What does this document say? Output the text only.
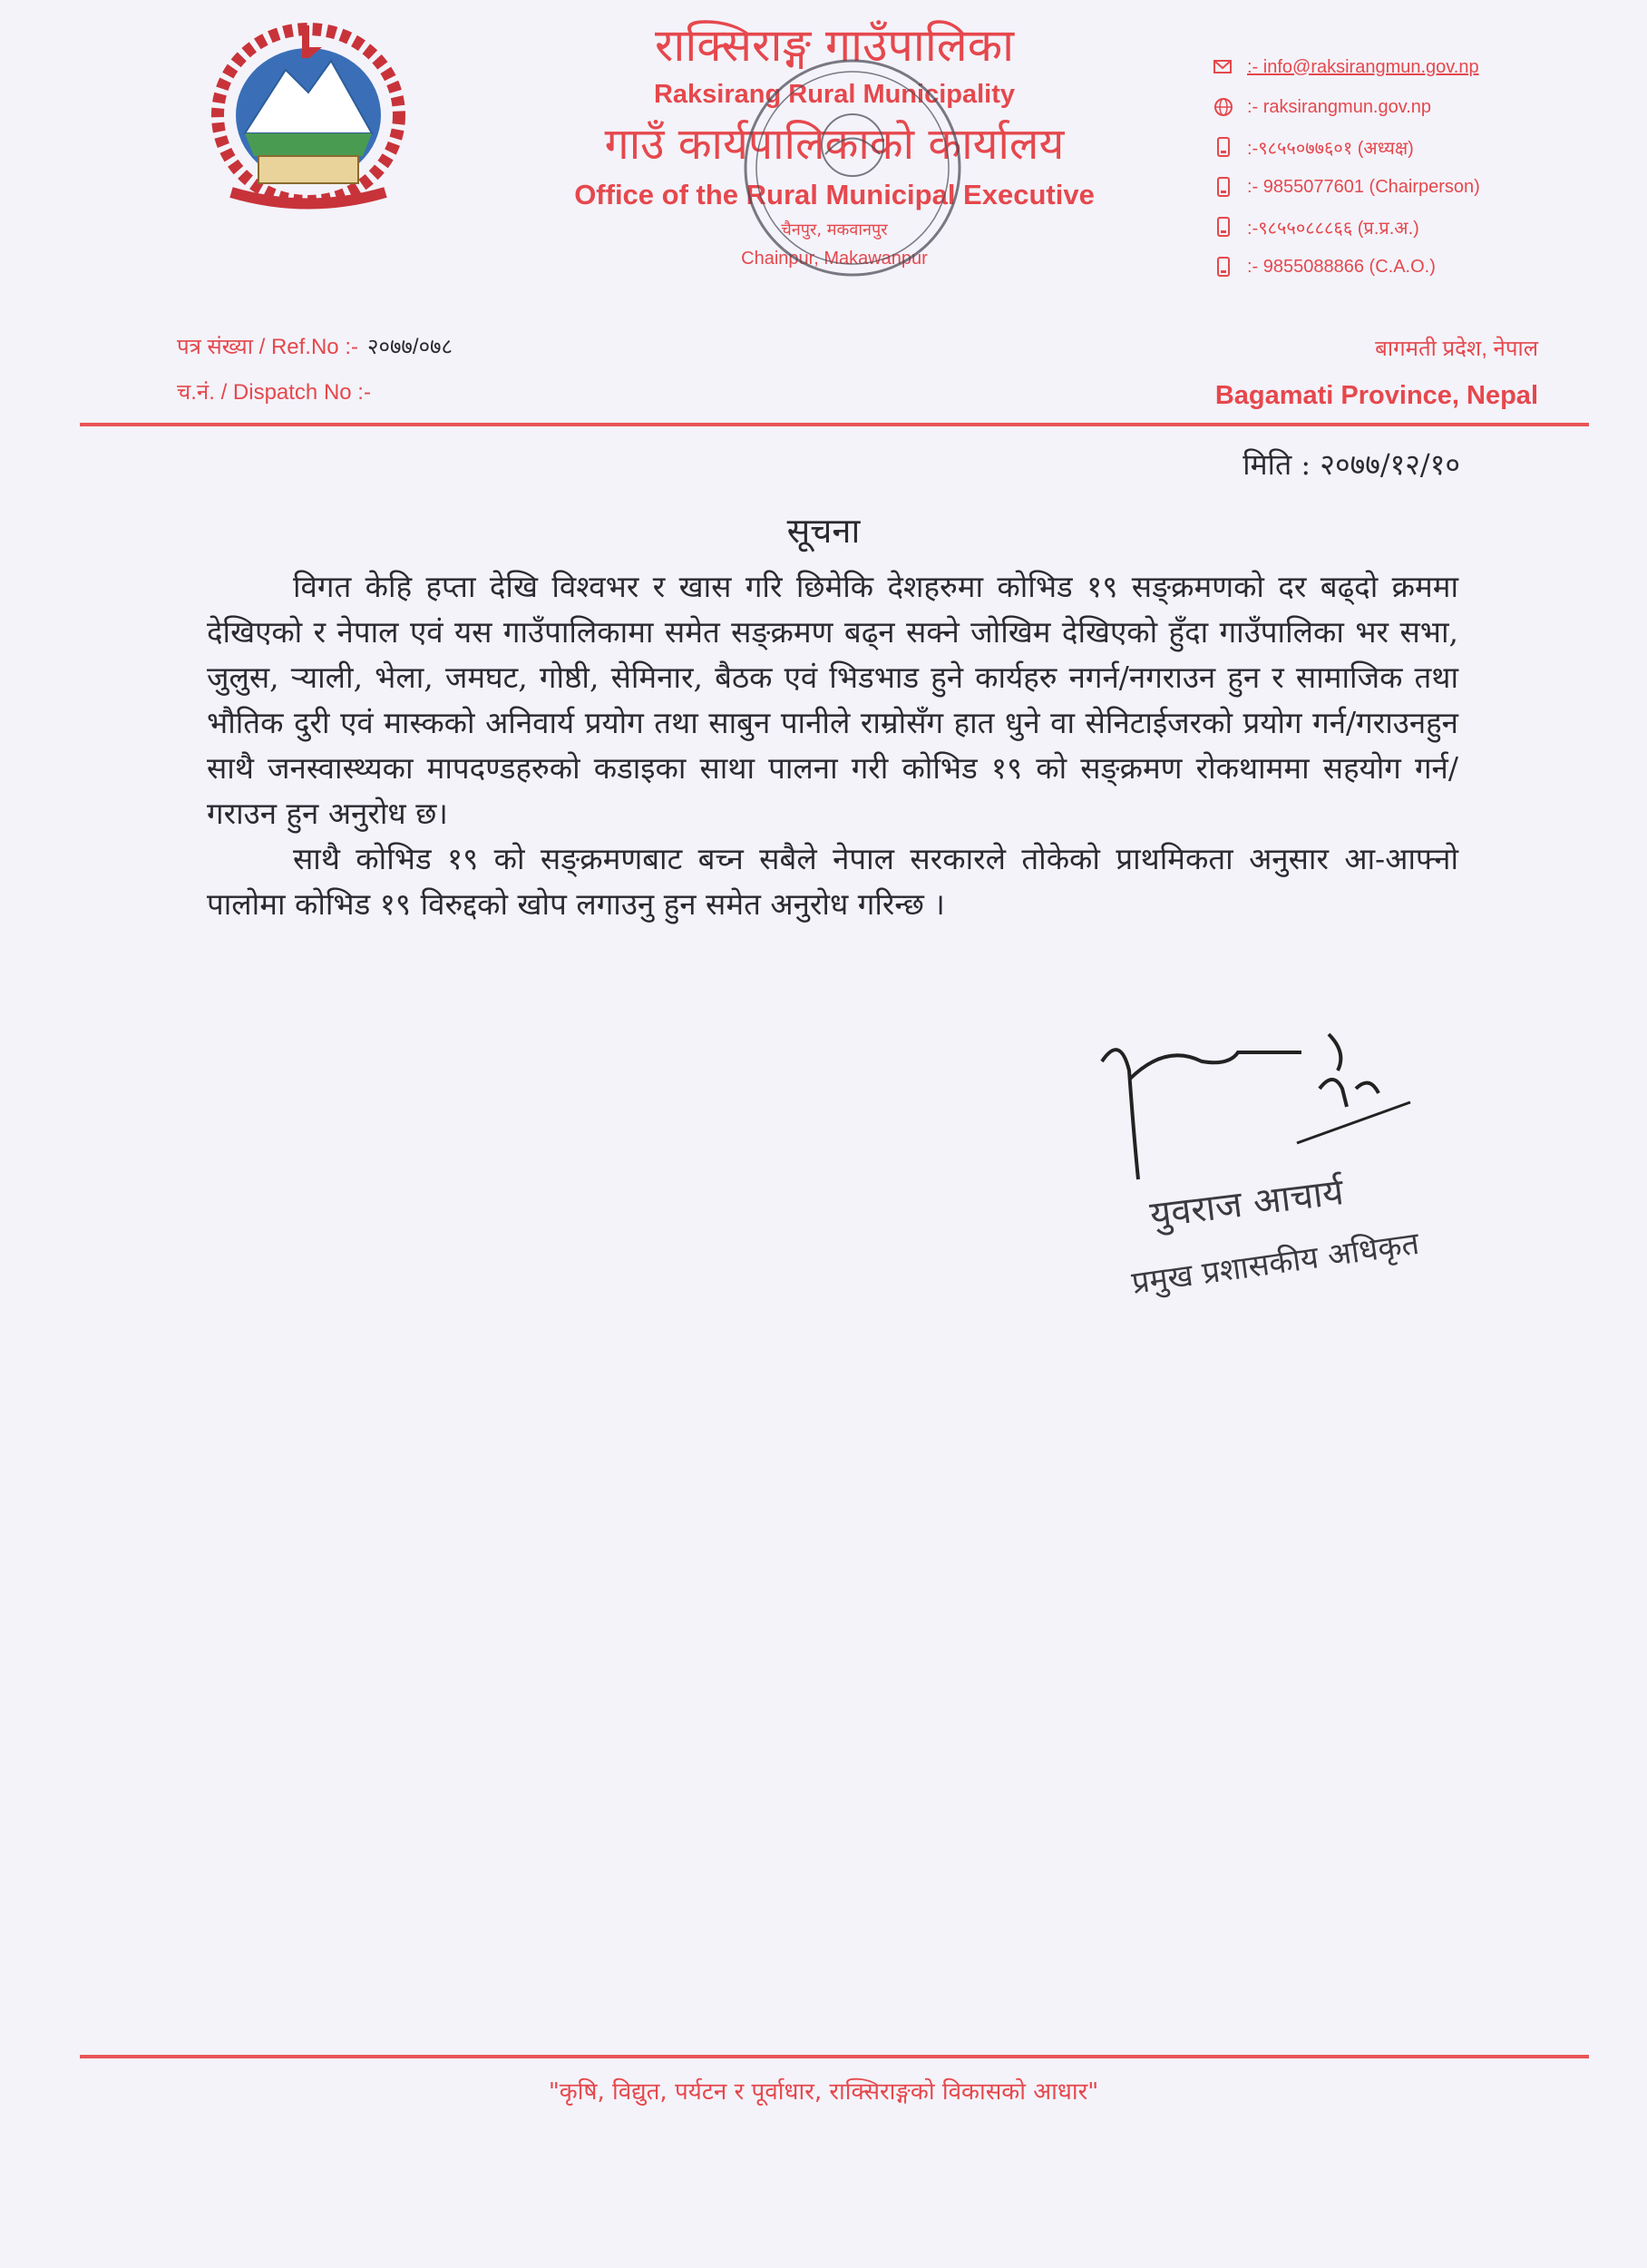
राक्सिराङ्ग गाउँपालिका
Raksirang Rural Municipality
गाउँ कार्यपालिकाको कार्यालय
Office of the Rural Municipal Executive
चैनपुर, मकवानपुर
Chainpur, Makawanpur
:- info@raksirangmun.gov.np
:- raksirangmun.gov.np
:-९८५५०७७६०१ (अध्यक्ष)
:- 9855077601 (Chairperson)
:-९८५५०८८८६६ (प्र.प्र.अ.)
:- 9855088866 (C.A.O.)
पत्र संख्या / Ref.No :- २०७७/०७८
च.नं. / Dispatch No :-
बागमती प्रदेश, नेपाल
Bagamati Province, Nepal
मिति : २०७७/१२/१०
सूचना

विगत केहि हप्ता देखि विश्वभर र खास गरि छिमेकि देशहरुमा कोभिड १९ सङ्क्रमणको दर बढ्दो क्रममा देखिएको र नेपाल एवं यस गाउँपालिकामा समेत सङ्क्रमण बढ्न सक्ने जोखिम देखिएको हुँदा गाउँपालिका भर सभा, जुलुस, र्‍याली, भेला, जमघट, गोष्ठी, सेमिनार, बैठक एवं भिडभाड हुने कार्यहरु नगर्न/नगराउन हुन र सामाजिक तथा भौतिक दुरी एवं मास्कको अनिवार्य प्रयोग तथा साबुन पानीले राम्रोसँग हात धुने वा सेनिटाईजरको प्रयोग गर्न/गराउनहुन साथै जनस्वास्थ्यका मापदण्डहरुको कडाइका साथा पालना गरी कोभिड १९ को सङ्क्रमण रोकथाममा सहयोग गर्न/गराउन हुन अनुरोध छ।

साथै कोभिड १९ को सङ्क्रमणबाट बच्न सबैले नेपाल सरकारले तोकेको प्राथमिकता अनुसार आ-आफ्नो पालोमा कोभिड १९ विरुद्दको खोप लगाउनु हुन समेत अनुरोध गरिन्छ ।

युवराज आचार्य
प्रमुख प्रशासकीय अधिकृत
"कृषि, विद्युत, पर्यटन र पूर्वाधार, राक्सिराङ्गको विकासको आधार"
